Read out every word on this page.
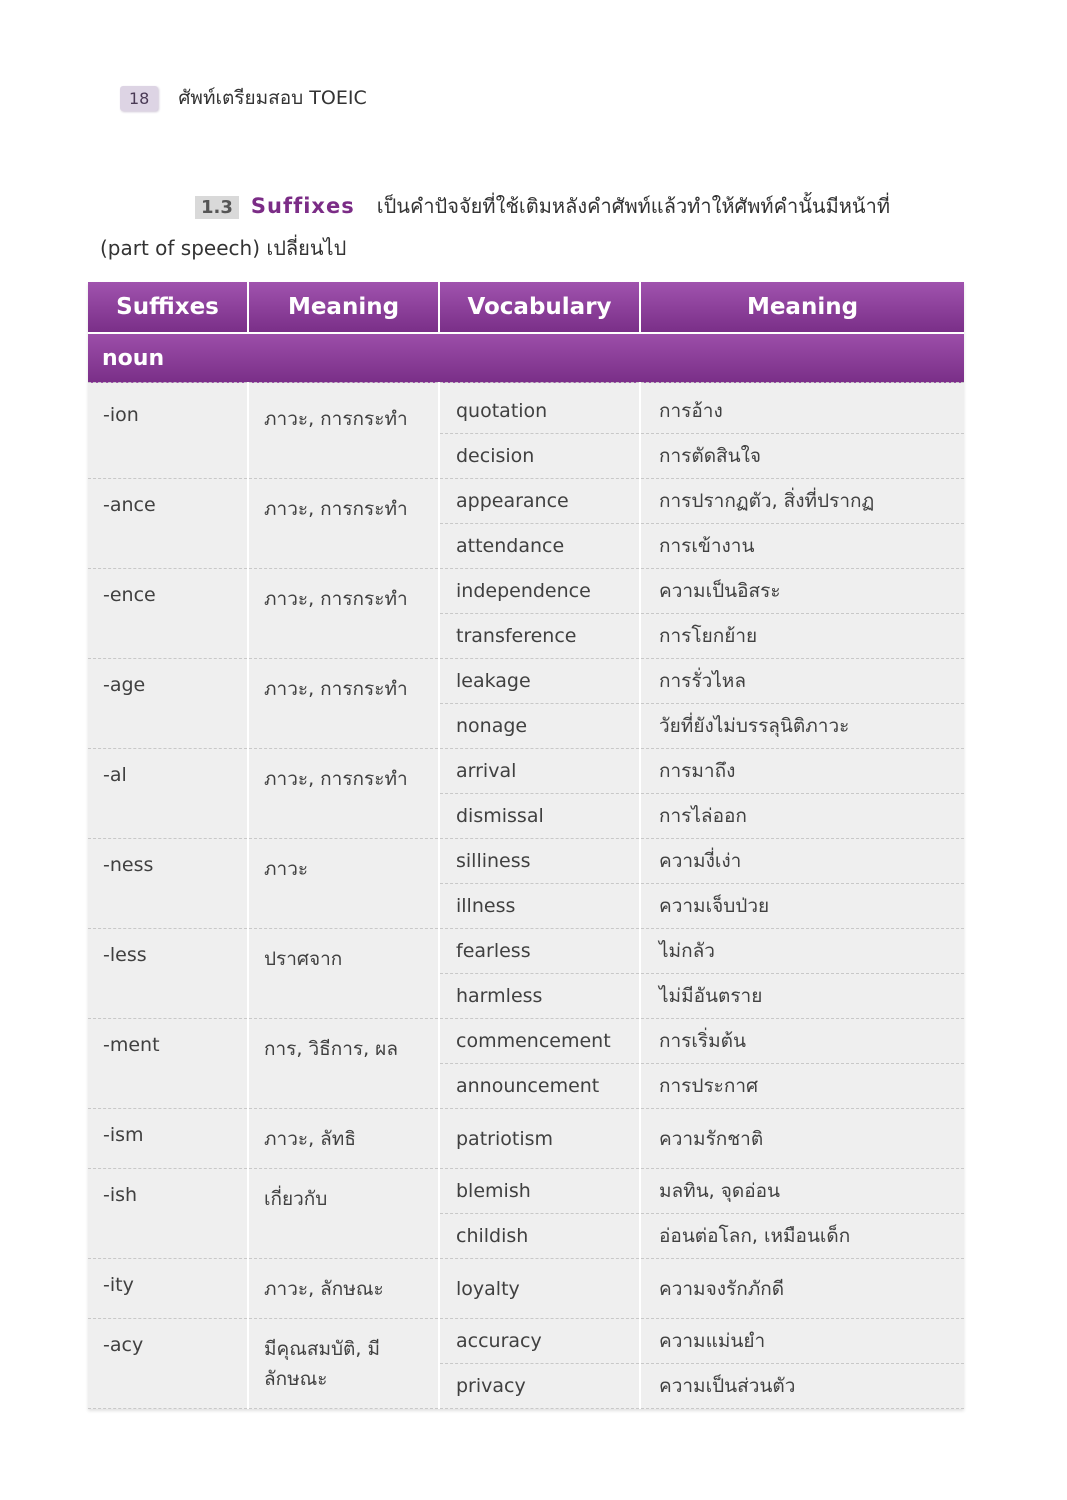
18	ศัพท์เตรียมสอบ TOEIC
1.3 Suffixes เป็นคำปัจจัยที่ใช้เติมหลังคำศัพท์แล้วทำให้ศัพท์คำนั้นมีหน้าที่
(part of speech) เปลี่ยนไป
Suffixes	Meaning	Vocabulary	Meaning
noun			

-ion	ภาวะ, การกระทำ	quotation	การอ้าง
		decision	การตัดสินใจ
-ance	ภาวะ, การกระทำ	appearance	การปรากฏตัว, สิ่งที่ปรากฏ
		attendance	การเข้างาน
-ence	ภาวะ, การกระทำ	independence	ความเป็นอิสระ
		transference	การโยกย้าย
-age	ภาวะ, การกระทำ	leakage	การรั่วไหล
		nonage	วัยที่ยังไม่บรรลุนิติภาวะ
-al	ภาวะ, การกระทำ	arrival	การมาถึง
		dismissal	การไล่ออก
-ness	ภาวะ	silliness	ความงี่เง่า
		illness	ความเจ็บป่วย
-less	ปราศจาก	fearless	ไม่กลัว
		harmless	ไม่มีอันตราย
-ment	การ, วิธีการ, ผล	commencement	การเริ่มต้น
		announcement	การประกาศ
-ism	ภาวะ, ลัทธิ	patriotism	ความรักชาติ
-ish	เกี่ยวกับ	blemish	มลทิน, จุดอ่อน
		childish	อ่อนต่อโลก, เหมือนเด็ก
-ity	ภาวะ, ลักษณะ	loyalty	ความจงรักภักดี
-acy	มีคุณสมบัติ, มีลักษณะ	accuracy	ความแม่นยำ
		privacy	ความเป็นส่วนตัว
